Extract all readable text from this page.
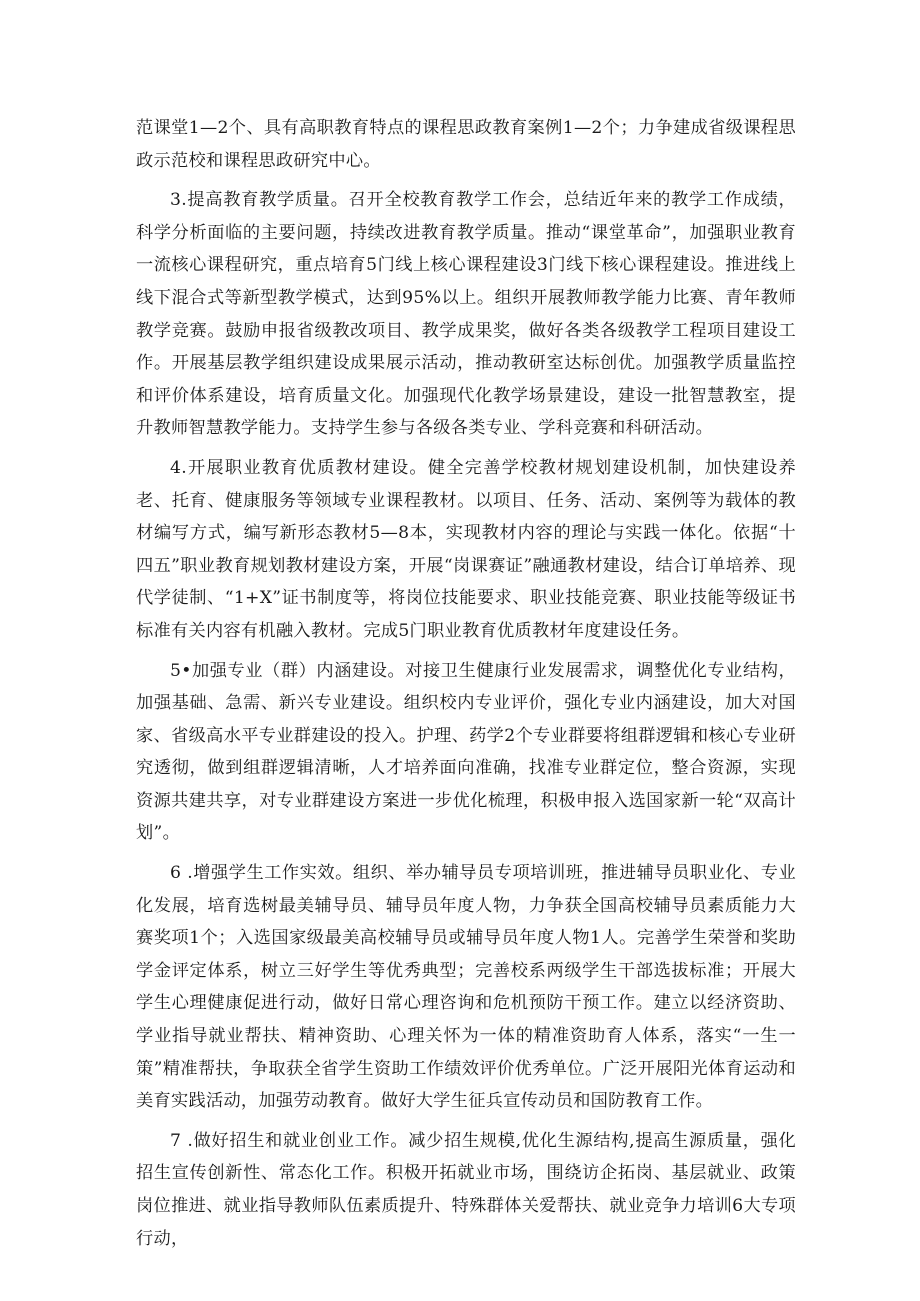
范课堂1—2个、具有高职教育特点的课程思政教育案例1—2个；力争建成省级课程思政示范校和课程思政研究中心。

3.提高教育教学质量。召开全校教育教学工作会，总结近年来的教学工作成绩，科学分析面临的主要问题，持续改进教育教学质量。推动“课堂革命”，加强职业教育一流核心课程研究，重点培育5门线上核心课程建设3门线下核心课程建设。推进线上线下混合式等新型教学模式，达到95%以上。组织开展教师教学能力比赛、青年教师教学竞赛。鼓励申报省级教改项目、教学成果奖，做好各类各级教学工程项目建设工作。开展基层教学组织建设成果展示活动，推动教研室达标创优。加强教学质量监控和评价体系建设，培育质量文化。加强现代化教学场景建设，建设一批智慧教室，提升教师智慧教学能力。支持学生参与各级各类专业、学科竞赛和科研活动。

4.开展职业教育优质教材建设。健全完善学校教材规划建设机制，加快建设养老、托育、健康服务等领域专业课程教材。以项目、任务、活动、案例等为载体的教材编写方式，编写新形态教材5—8本，实现教材内容的理论与实践一体化。依据“十四五”职业教育规划教材建设方案，开展“岗课赛证”融通教材建设，结合订单培养、现代学徒制、“1+X”证书制度等，将岗位技能要求、职业技能竞赛、职业技能等级证书标准有关内容有机融入教材。完成5门职业教育优质教材年度建设任务。

5•加强专业（群）内涵建设。对接卫生健康行业发展需求，调整优化专业结构，加强基础、急需、新兴专业建设。组织校内专业评价，强化专业内涵建设，加大对国家、省级高水平专业群建设的投入。护理、药学2个专业群要将组群逻辑和核心专业研究透彻，做到组群逻辑清晰，人才培养面向准确，找准专业群定位，整合资源，实现资源共建共享，对专业群建设方案进一步优化梳理，积极申报入选国家新一轮“双高计划”。

6 .增强学生工作实效。组织、举办辅导员专项培训班，推进辅导员职业化、专业化发展，培育选树最美辅导员、辅导员年度人物，力争获全国高校辅导员素质能力大赛奖项1个；入选国家级最美高校辅导员或辅导员年度人物1人。完善学生荣誉和奖助学金评定体系，树立三好学生等优秀典型；完善校系两级学生干部选拔标准；开展大学生心理健康促进行动，做好日常心理咨询和危机预防干预工作。建立以经济资助、学业指导就业帮扶、精神资助、心理关怀为一体的精准资助育人体系，落实“一生一策”精准帮扶，争取获全省学生资助工作绩效评价优秀单位。广泛开展阳光体育运动和美育实践活动，加强劳动教育。做好大学生征兵宣传动员和国防教育工作。

7 .做好招生和就业创业工作。减少招生规模,优化生源结构,提高生源质量，强化招生宣传创新性、常态化工作。积极开拓就业市场，围绕访企拓岗、基层就业、政策岗位推进、就业指导教师队伍素质提升、特殊群体关爱帮扶、就业竞争力培训6大专项行动，
